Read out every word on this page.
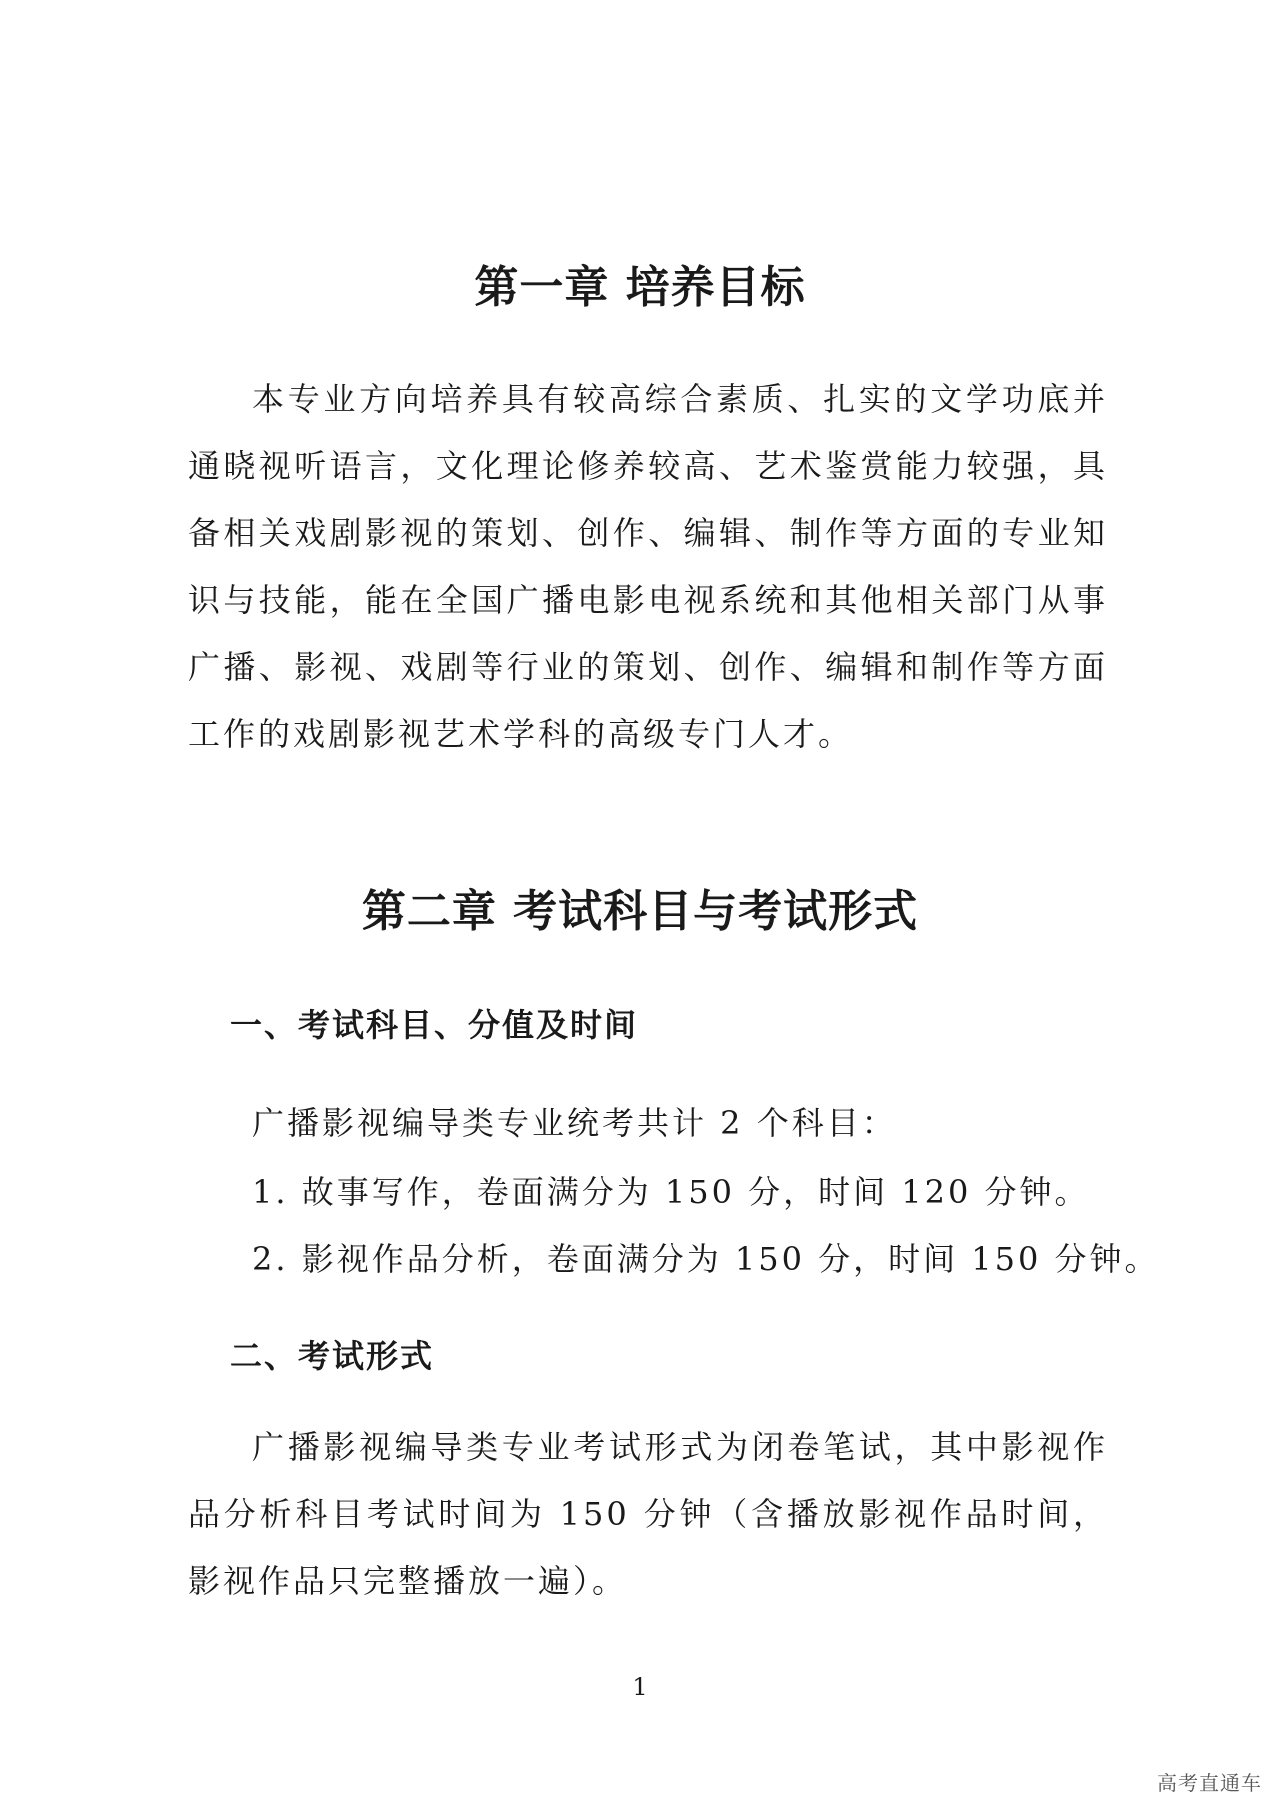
第一章 培养目标

本专业方向培养具有较高综合素质、扎实的文学功底并通晓视听语言，文化理论修养较高、艺术鉴赏能力较强，具备相关戏剧影视的策划、创作、编辑、制作等方面的专业知识与技能，能在全国广播电影电视系统和其他相关部门从事广播、影视、戏剧等行业的策划、创作、编辑和制作等方面工作的戏剧影视艺术学科的高级专门人才。

第二章 考试科目与考试形式
一、考试科目、分值及时间

广播影视编导类专业统考共计 2 个科目：

1. 故事写作，卷面满分为 150 分，时间 120 分钟。

2. 影视作品分析，卷面满分为 150 分，时间 150 分钟。

二、考试形式

广播影视编导类专业考试形式为闭卷笔试，其中影视作品分析科目考试时间为 150 分钟（含播放影视作品时间，影视作品只完整播放一遍）。

1
高考直通车
